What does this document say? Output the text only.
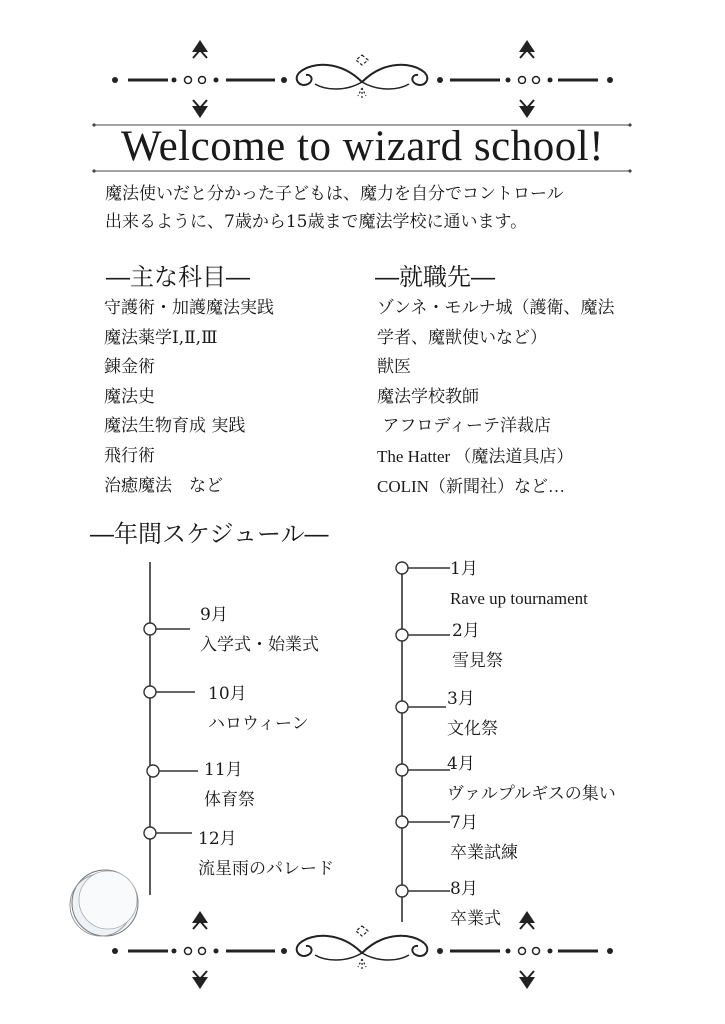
Welcome to wizard school!
魔法使いだと分かった子どもは、魔力を自分でコントロール
出来るように、7歳から15歳まで魔法学校に通います。
―主な科目―
守護術・加護魔法実践
魔法薬学Ⅰ,Ⅱ,Ⅲ
錬金術
魔法史
魔法生物育成 実践
飛行術
治癒魔法　など
―就職先―
ゾンネ・モルナ城（護衛、魔法
学者、魔獣使いなど）
獣医
魔法学校教師
アフロディーテ洋裁店
The Hatter （魔法道具店）
COLIN（新聞社）など…
―年間スケジュール―
9月
入学式・始業式
10月
ハロウィーン
11月
体育祭
12月
流星雨のパレード
1月
Rave up tournament
2月
雪見祭
3月
文化祭
4月
ヴァルプルギスの集い
7月
卒業試練
8月
卒業式
